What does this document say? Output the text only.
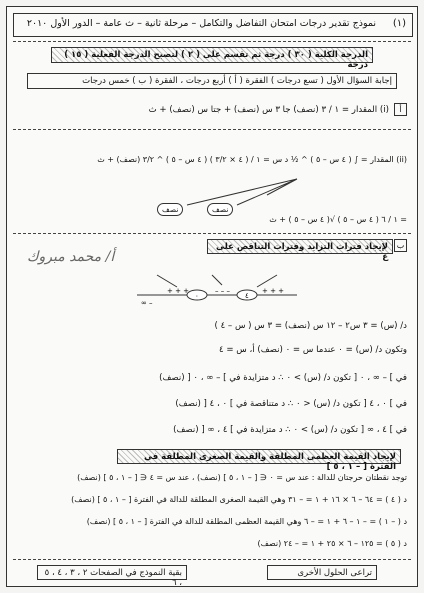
(١)
نموذج تقدير درجات امتحان التفاضل والتكامل – مرحلة ثانية – ث عامة – الدور الأول ٢٠١٠
الدرجة الكلية ( ٣٠ ) درجة ثم تقسم على ( ٢ ) لتصبح الدرجة الفعلية ( ١٥ ) درجة
إجابة السؤال الأول ( تسع درجات ) الفقرة ( أ ) أربع درجات ، الفقرة ( ب ) خمس درجات
أ
(i) المقدار = ١ / ٣ (نصف) جا ٣ س (نصف) + جتا س (نصف) + ث
(ii) المقدار = ∫ ( ٤ س – ٥ ) ^ ½ د س = ١ / ( ٤ × ٣/٢ ) ( ٤ س – ٥ ) ^ ٣/٢ (نصف) + ث
نصف	نصف
= ١ / ٦ ( ٤ س – ٥ ) √( ٤ س – ٥ ) + ث
ب
لإيجاد فترات التزايد وفترات التناقص على ع
أ/ محمد مبروك
∞ –
٠	٤
+ + +	– – –	+ + +
د/ (س) = ٣ س٢ – ١٢ س (نصف) = ٣ س ( س – ٤ )
وتكون د/ (س) = ٠ عندما س = ٠ (نصف) أ، س = ٤
في ] – ∞ ، ٠ [ تكون د/ (س) > ٠ ∴ د متزايدة في ] – ∞ ، ٠ [ (نصف)
في ] ٠ ، ٤ [ تكون د/ (س) < ٠ ∴ د متناقصة في ] ٠ ، ٤ [ (نصف)
في ] ٤ ، ∞ [ تكون د/ (س) > ٠ ∴ د متزايدة في ] ٤ ، ∞ [ (نصف)
لإيجاد القيمة العظمى المطلقة والقيمة الصغرى المطلقة في الفترة [ – ١ ، ٥ ]
توجد نقطتان حرجتان للدالة : عند س = ٠ ∈ [ – ١ ، ٥ ] (نصف) ، عند س = ٤ ∈ [ – ١ ، ٥ ] (نصف)
د ( ٤ ) = ٦٤ – ٦ × ١٦ + ١ = – ٣١ وهي القيمة الصغرى المطلقة للدالة في الفترة [ – ١ ، ٥ ] (نصف)
د ( – ١ ) = – ١ – ٦ + ١ = – ٦ وهي القيمة العظمى المطلقة للدالة في الفترة [ – ١ ، ٥ ] (نصف)
د ( ٥ ) = ١٢٥ – ٦ × ٢٥ + ١ = – ٢٤ (نصف)
بقية النموذج في الصفحات ٢ ، ٣ ، ٤ ، ٥ ، ٦
تراعى الحلول الأخرى
